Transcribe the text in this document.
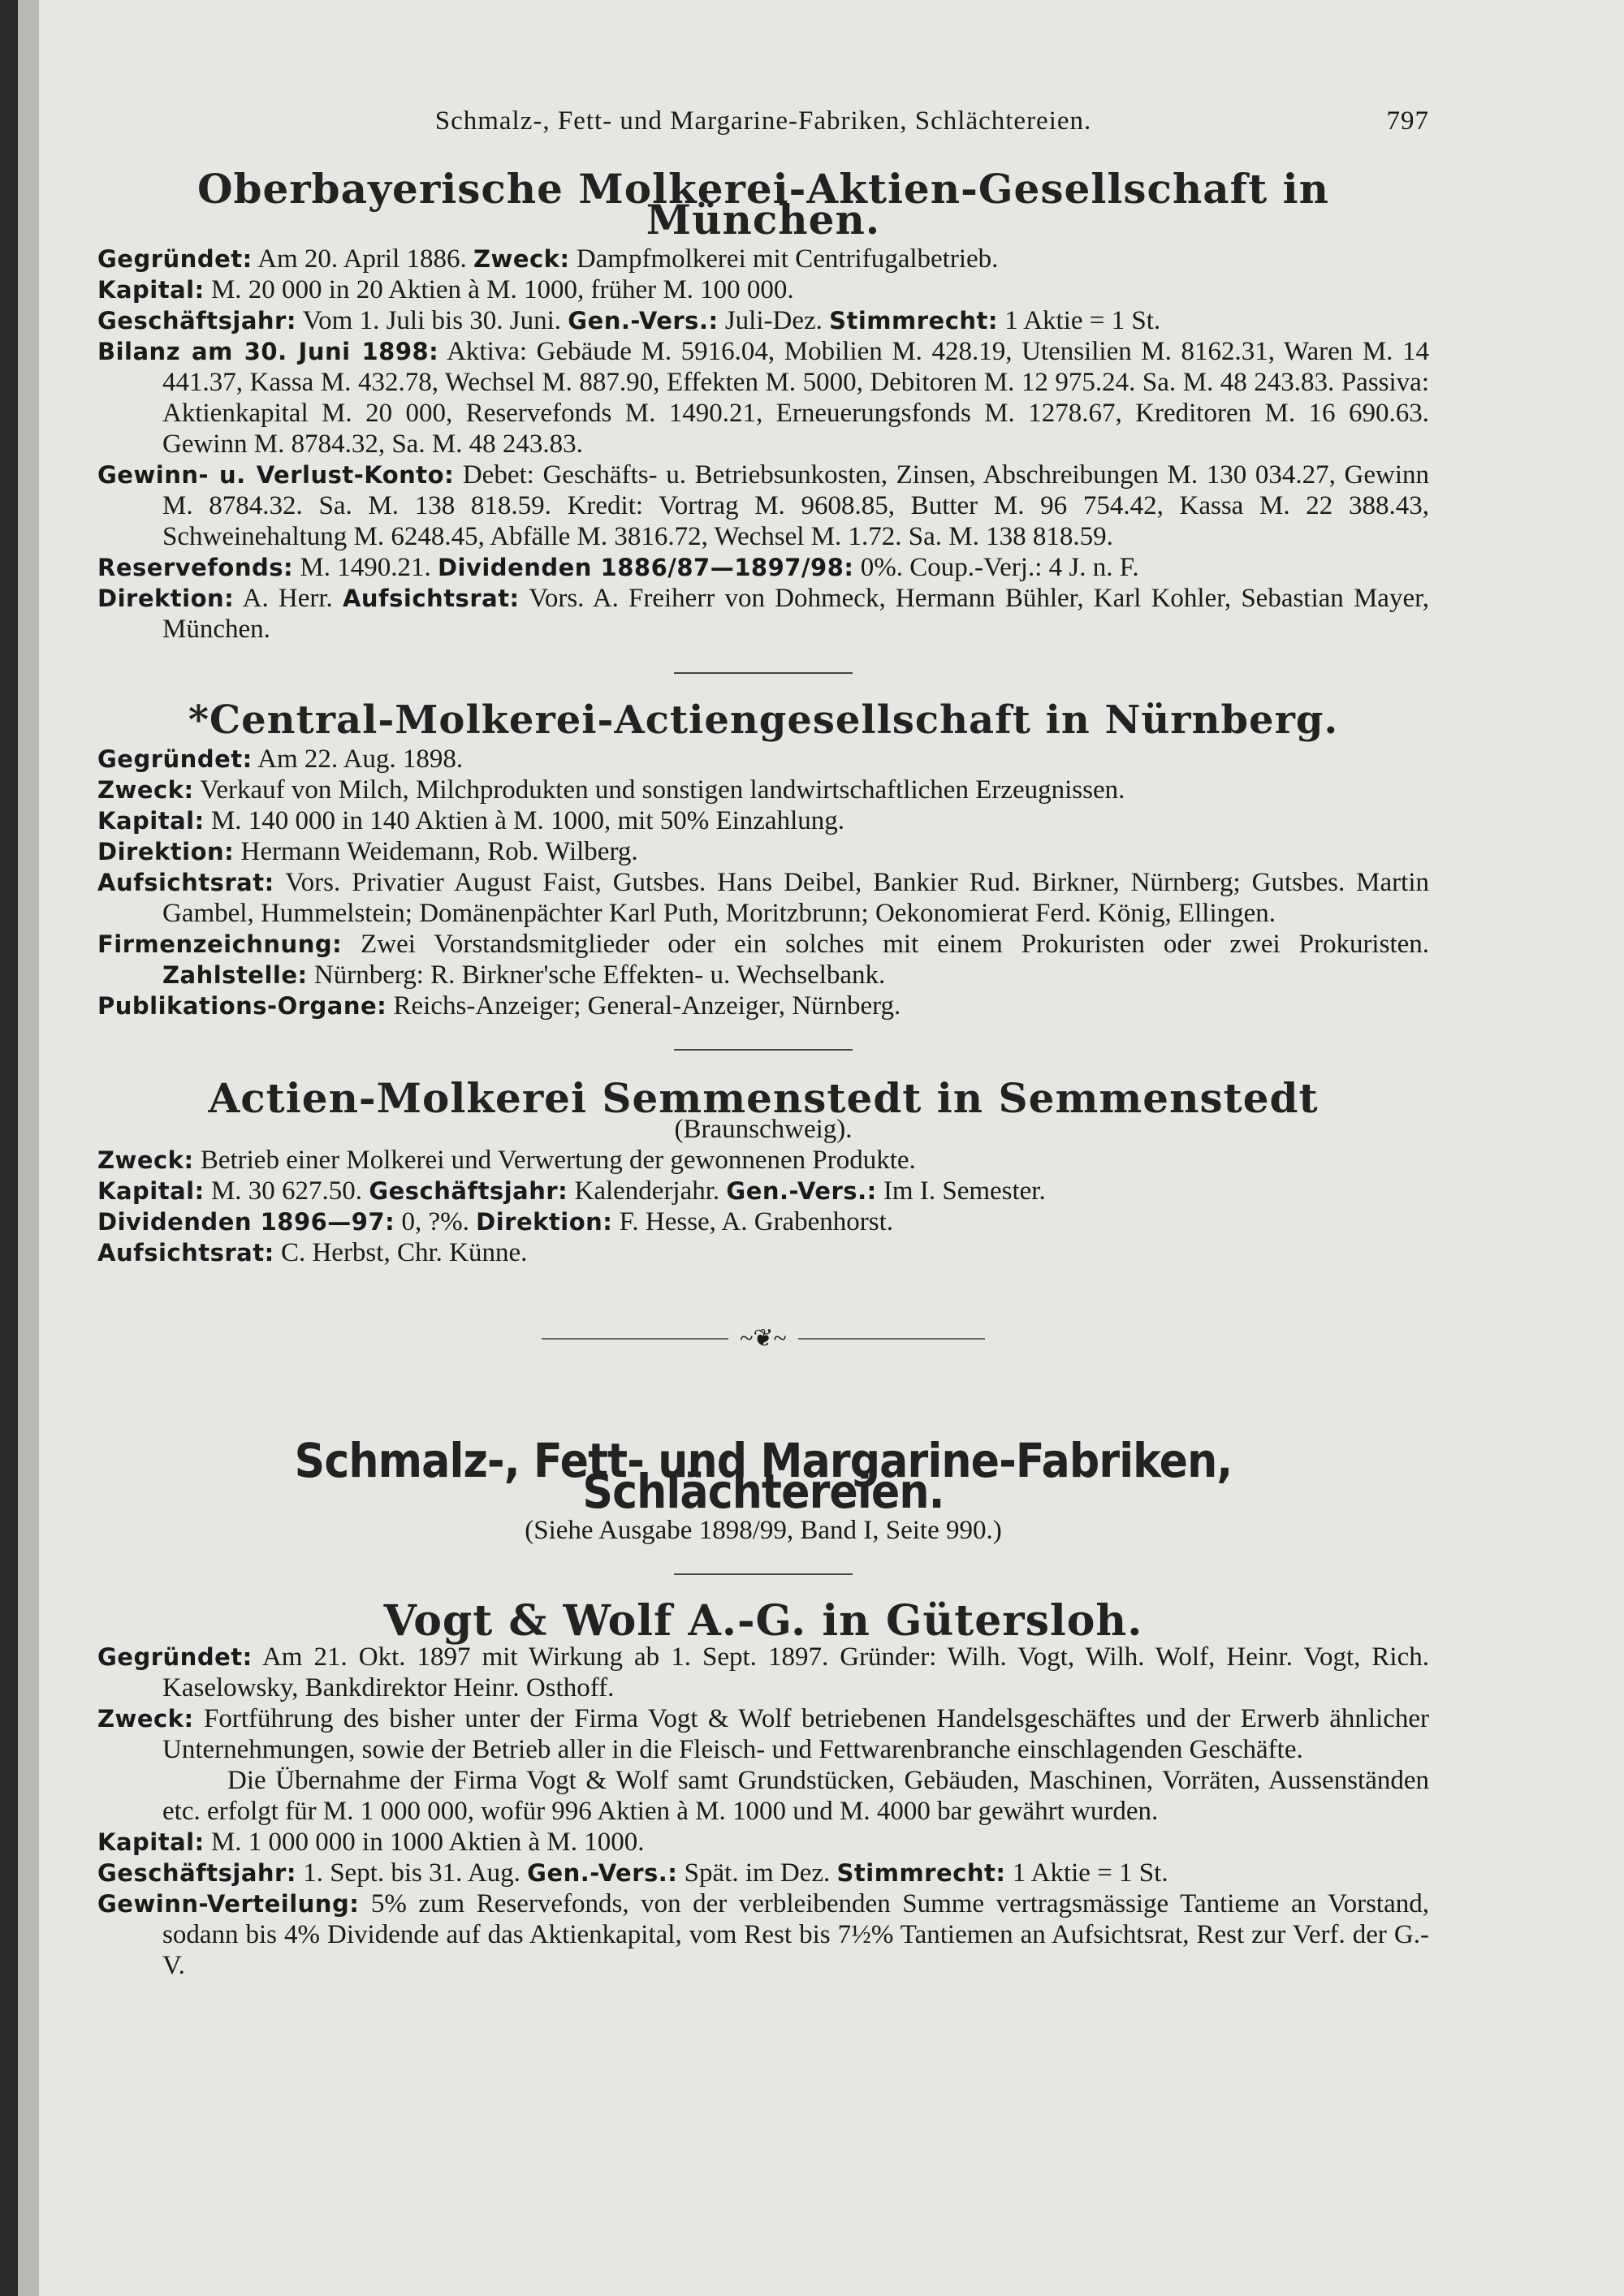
Schmalz-, Fett- und Margarine-Fabriken, Schlächtereien.	797
Oberbayerische Molkerei-Aktien-Gesellschaft in München.
Gegründet: Am 20. April 1886. Zweck: Dampfmolkerei mit Centrifugalbetrieb.
Kapital: M. 20 000 in 20 Aktien à M. 1000, früher M. 100 000.
Geschäftsjahr: Vom 1. Juli bis 30. Juni. Gen.-Vers.: Juli-Dez. Stimmrecht: 1 Aktie = 1 St.
Bilanz am 30. Juni 1898: Aktiva: Gebäude M. 5916.04, Mobilien M. 428.19, Utensilien M. 8162.31, Waren M. 14 441.37, Kassa M. 432.78, Wechsel M. 887.90, Effekten M. 5000, Debitoren M. 12 975.24. Sa. M. 48 243.83. Passiva: Aktienkapital M. 20 000, Reservefonds M. 1490.21, Erneuerungsfonds M. 1278.67, Kreditoren M. 16 690.63. Gewinn M. 8784.32, Sa. M. 48 243.83.
Gewinn- u. Verlust-Konto: Debet: Geschäfts- u. Betriebsunkosten, Zinsen, Abschreibungen M. 130 034.27, Gewinn M. 8784.32. Sa. M. 138 818.59. Kredit: Vortrag M. 9608.85, Butter M. 96 754.42, Kassa M. 22 388.43, Schweinehaltung M. 6248.45, Abfälle M. 3816.72, Wechsel M. 1.72. Sa. M. 138 818.59.
Reservefonds: M. 1490.21. Dividenden 1886/87—1897/98: 0%. Coup.-Verj.: 4 J. n. F.
Direktion: A. Herr. Aufsichtsrat: Vors. A. Freiherr von Dohmeck, Hermann Bühler, Karl Kohler, Sebastian Mayer, München.
*Central-Molkerei-Actiengesellschaft in Nürnberg.
Gegründet: Am 22. Aug. 1898.
Zweck: Verkauf von Milch, Milchprodukten und sonstigen landwirtschaftlichen Erzeugnissen.
Kapital: M. 140 000 in 140 Aktien à M. 1000, mit 50% Einzahlung.
Direktion: Hermann Weidemann, Rob. Wilberg.
Aufsichtsrat: Vors. Privatier August Faist, Gutsbes. Hans Deibel, Bankier Rud. Birkner, Nürnberg; Gutsbes. Martin Gambel, Hummelstein; Domänenpächter Karl Puth, Moritzbrunn; Oekonomierat Ferd. König, Ellingen.
Firmenzeichnung: Zwei Vorstandsmitglieder oder ein solches mit einem Prokuristen oder zwei Prokuristen. Zahlstelle: Nürnberg: R. Birkner'sche Effekten- u. Wechselbank.
Publikations-Organe: Reichs-Anzeiger; General-Anzeiger, Nürnberg.
Actien-Molkerei Semmenstedt in Semmenstedt
(Braunschweig).
Zweck: Betrieb einer Molkerei und Verwertung der gewonnenen Produkte.
Kapital: M. 30 627.50. Geschäftsjahr: Kalenderjahr. Gen.-Vers.: Im I. Semester.
Dividenden 1896—97: 0, ?%. Direktion: F. Hesse, A. Grabenhorst.
Aufsichtsrat: C. Herbst, Chr. Künne.
~❦~
Schmalz-, Fett- und Margarine-Fabriken, Schlächtereien.
(Siehe Ausgabe 1898/99, Band I, Seite 990.)
Vogt & Wolf A.-G. in Gütersloh.
Gegründet: Am 21. Okt. 1897 mit Wirkung ab 1. Sept. 1897. Gründer: Wilh. Vogt, Wilh. Wolf, Heinr. Vogt, Rich. Kaselowsky, Bankdirektor Heinr. Osthoff.
Zweck: Fortführung des bisher unter der Firma Vogt & Wolf betriebenen Handelsgeschäftes und der Erwerb ähnlicher Unternehmungen, sowie der Betrieb aller in die Fleisch- und Fettwarenbranche einschlagenden Geschäfte.
Die Übernahme der Firma Vogt & Wolf samt Grundstücken, Gebäuden, Maschinen, Vorräten, Aussenständen etc. erfolgt für M. 1 000 000, wofür 996 Aktien à M. 1000 und M. 4000 bar gewährt wurden.
Kapital: M. 1 000 000 in 1000 Aktien à M. 1000.
Geschäftsjahr: 1. Sept. bis 31. Aug. Gen.-Vers.: Spät. im Dez. Stimmrecht: 1 Aktie = 1 St.
Gewinn-Verteilung: 5% zum Reservefonds, von der verbleibenden Summe vertragsmässige Tantieme an Vorstand, sodann bis 4% Dividende auf das Aktienkapital, vom Rest bis 7½% Tantiemen an Aufsichtsrat, Rest zur Verf. der G.-V.
